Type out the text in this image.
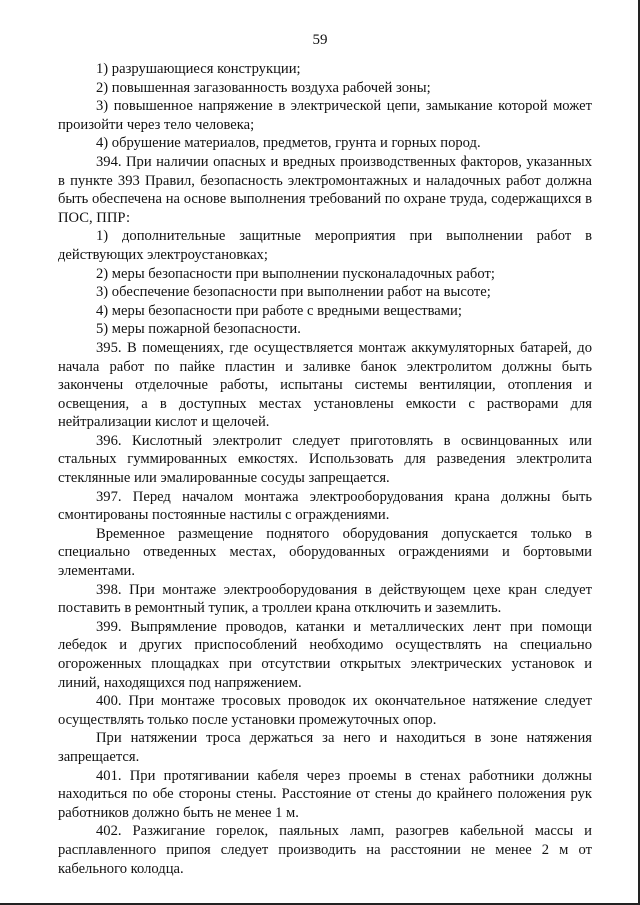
59

1) разрушающиеся конструкции;

2) повышенная загазованность воздуха рабочей зоны;

3) повышенное напряжение в электрической цепи, замыкание которой может произойти через тело человека;

4) обрушение материалов, предметов, грунта и горных пород.

394. При наличии опасных и вредных производственных факторов, указанных в пункте 393 Правил, безопасность электромонтажных и наладочных работ должна быть обеспечена на основе выполнения требований по охране труда, содержащихся в ПОС, ППР:

1) дополнительные защитные мероприятия при выполнении работ в действующих электроустановках;

2) меры безопасности при выполнении пусконаладочных работ;

3) обеспечение безопасности при выполнении работ на высоте;

4) меры безопасности при работе с вредными веществами;

5) меры пожарной безопасности.

395. В помещениях, где осуществляется монтаж аккумуляторных батарей, до начала работ по пайке пластин и заливке банок электролитом должны быть закончены отделочные работы, испытаны системы вентиляции, отопления и освещения, а в доступных местах установлены емкости с растворами для нейтрализации кислот и щелочей.

396. Кислотный электролит следует приготовлять в освинцованных или стальных гуммированных емкостях. Использовать для разведения электролита стеклянные или эмалированные сосуды запрещается.

397. Перед началом монтажа электрооборудования крана должны быть смонтированы постоянные настилы с ограждениями.

Временное размещение поднятого оборудования допускается только в специально отведенных местах, оборудованных ограждениями и бортовыми элементами.

398. При монтаже электрооборудования в действующем цехе кран следует поставить в ремонтный тупик, а троллеи крана отключить и заземлить.

399. Выпрямление проводов, катанки и металлических лент при помощи лебедок и других приспособлений необходимо осуществлять на специально огороженных площадках при отсутствии открытых электрических установок и линий, находящихся под напряжением.

400. При монтаже тросовых проводок их окончательное натяжение следует осуществлять только после установки промежуточных опор.

При натяжении троса держаться за него и находиться в зоне натяжения запрещается.

401. При протягивании кабеля через проемы в стенах работники должны находиться по обе стороны стены. Расстояние от стены до крайнего положения рук работников должно быть не менее 1 м.

402. Разжигание горелок, паяльных ламп, разогрев кабельной массы и расплавленного припоя следует производить на расстоянии не менее 2 м от кабельного колодца.
